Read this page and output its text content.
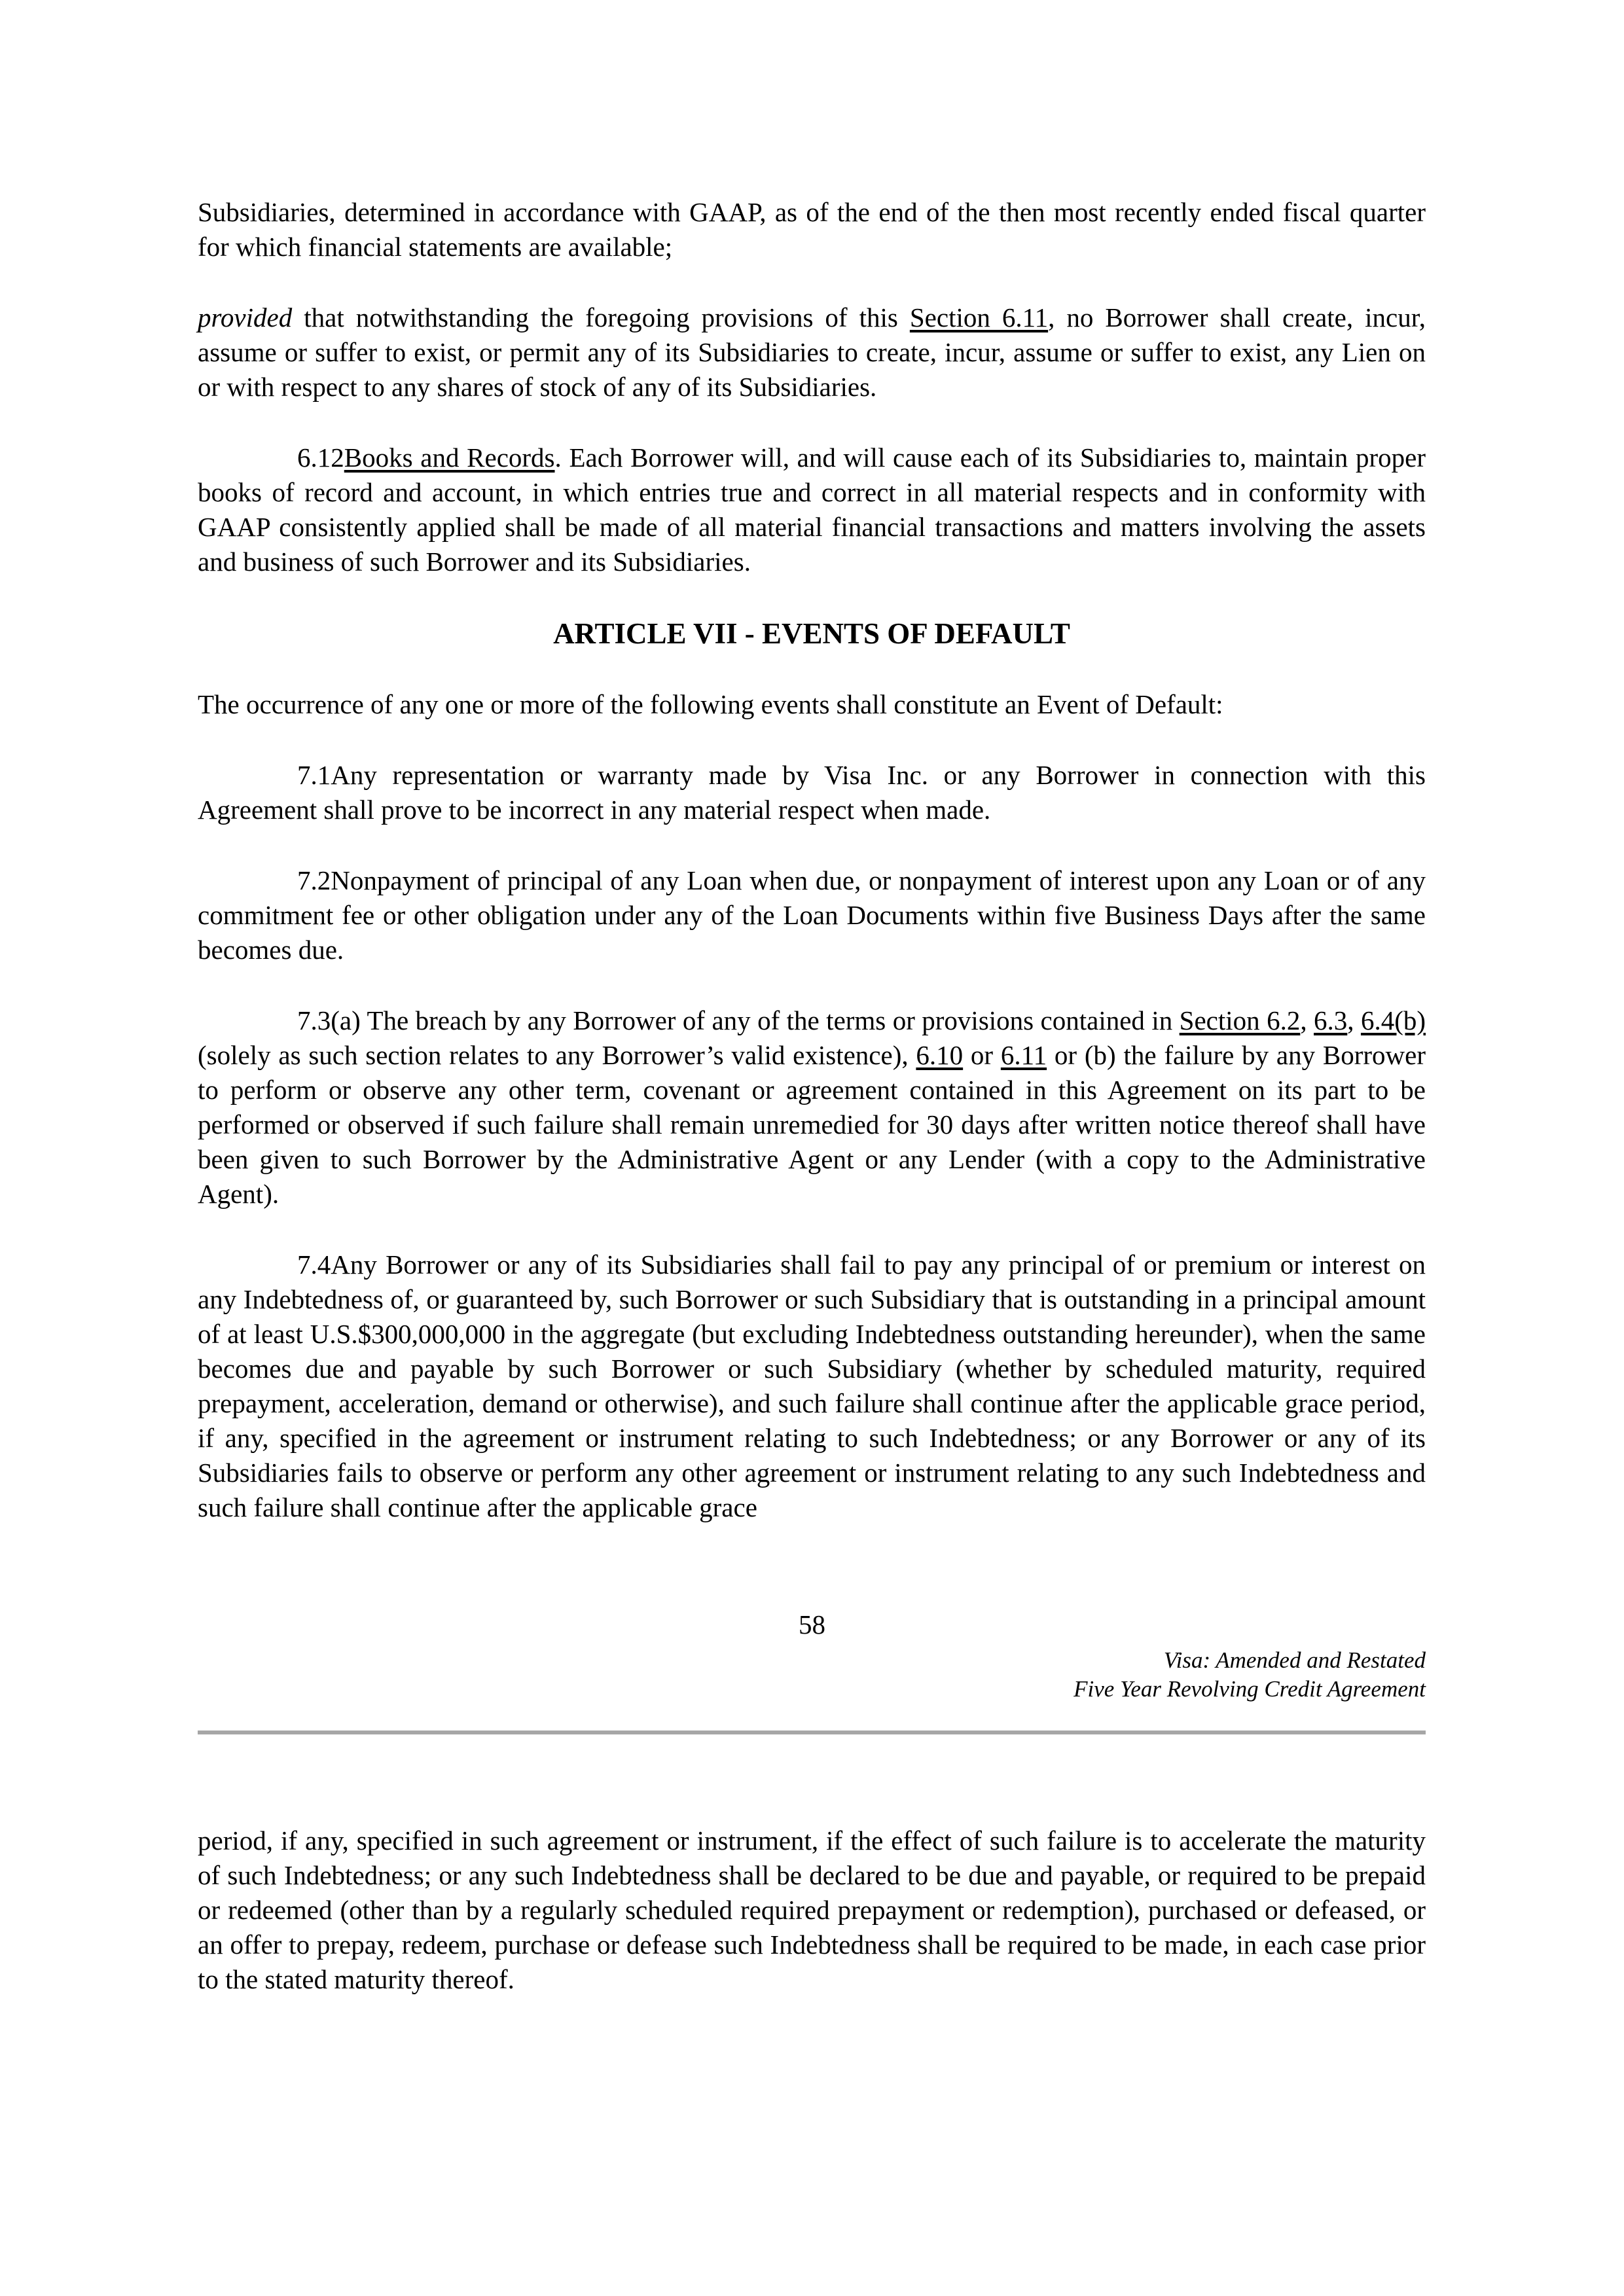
Subsidiaries, determined in accordance with GAAP, as of the end of the then most recently ended fiscal quarter for which financial statements are available;

provided that notwithstanding the foregoing provisions of this Section 6.11, no Borrower shall create, incur, assume or suffer to exist, or permit any of its Subsidiaries to create, incur, assume or suffer to exist, any Lien on or with respect to any shares of stock of any of its Subsidiaries.

6.12Books and Records. Each Borrower will, and will cause each of its Subsidiaries to, maintain proper books of record and account, in which entries true and correct in all material respects and in conformity with GAAP consistently applied shall be made of all material financial transactions and matters involving the assets and business of such Borrower and its Subsidiaries.

ARTICLE VII - EVENTS OF DEFAULT

The occurrence of any one or more of the following events shall constitute an Event of Default:

7.1Any representation or warranty made by Visa Inc. or any Borrower in connection with this Agreement shall prove to be incorrect in any material respect when made.

7.2Nonpayment of principal of any Loan when due, or nonpayment of interest upon any Loan or of any commitment fee or other obligation under any of the Loan Documents within five Business Days after the same becomes due.

7.3(a) The breach by any Borrower of any of the terms or provisions contained in Section 6.2, 6.3, 6.4(b) (solely as such section relates to any Borrower’s valid existence), 6.10 or 6.11 or (b) the failure by any Borrower to perform or observe any other term, covenant or agreement contained in this Agreement on its part to be performed or observed if such failure shall remain unremedied for 30 days after written notice thereof shall have been given to such Borrower by the Administrative Agent or any Lender (with a copy to the Administrative Agent).

7.4Any Borrower or any of its Subsidiaries shall fail to pay any principal of or premium or interest on any Indebtedness of, or guaranteed by, such Borrower or such Subsidiary that is outstanding in a principal amount of at least U.S.$300,000,000 in the aggregate (but excluding Indebtedness outstanding hereunder), when the same becomes due and payable by such Borrower or such Subsidiary (whether by scheduled maturity, required prepayment, acceleration, demand or otherwise), and such failure shall continue after the applicable grace period, if any, specified in the agreement or instrument relating to such Indebtedness; or any Borrower or any of its Subsidiaries fails to observe or perform any other agreement or instrument relating to any such Indebtedness and such failure shall continue after the applicable grace

58
Visa: Amended and Restated
Five Year Revolving Credit Agreement

period, if any, specified in such agreement or instrument, if the effect of such failure is to accelerate the maturity of such Indebtedness; or any such Indebtedness shall be declared to be due and payable, or required to be prepaid or redeemed (other than by a regularly scheduled required prepayment or redemption), purchased or defeased, or an offer to prepay, redeem, purchase or defease such Indebtedness shall be required to be made, in each case prior to the stated maturity thereof.
